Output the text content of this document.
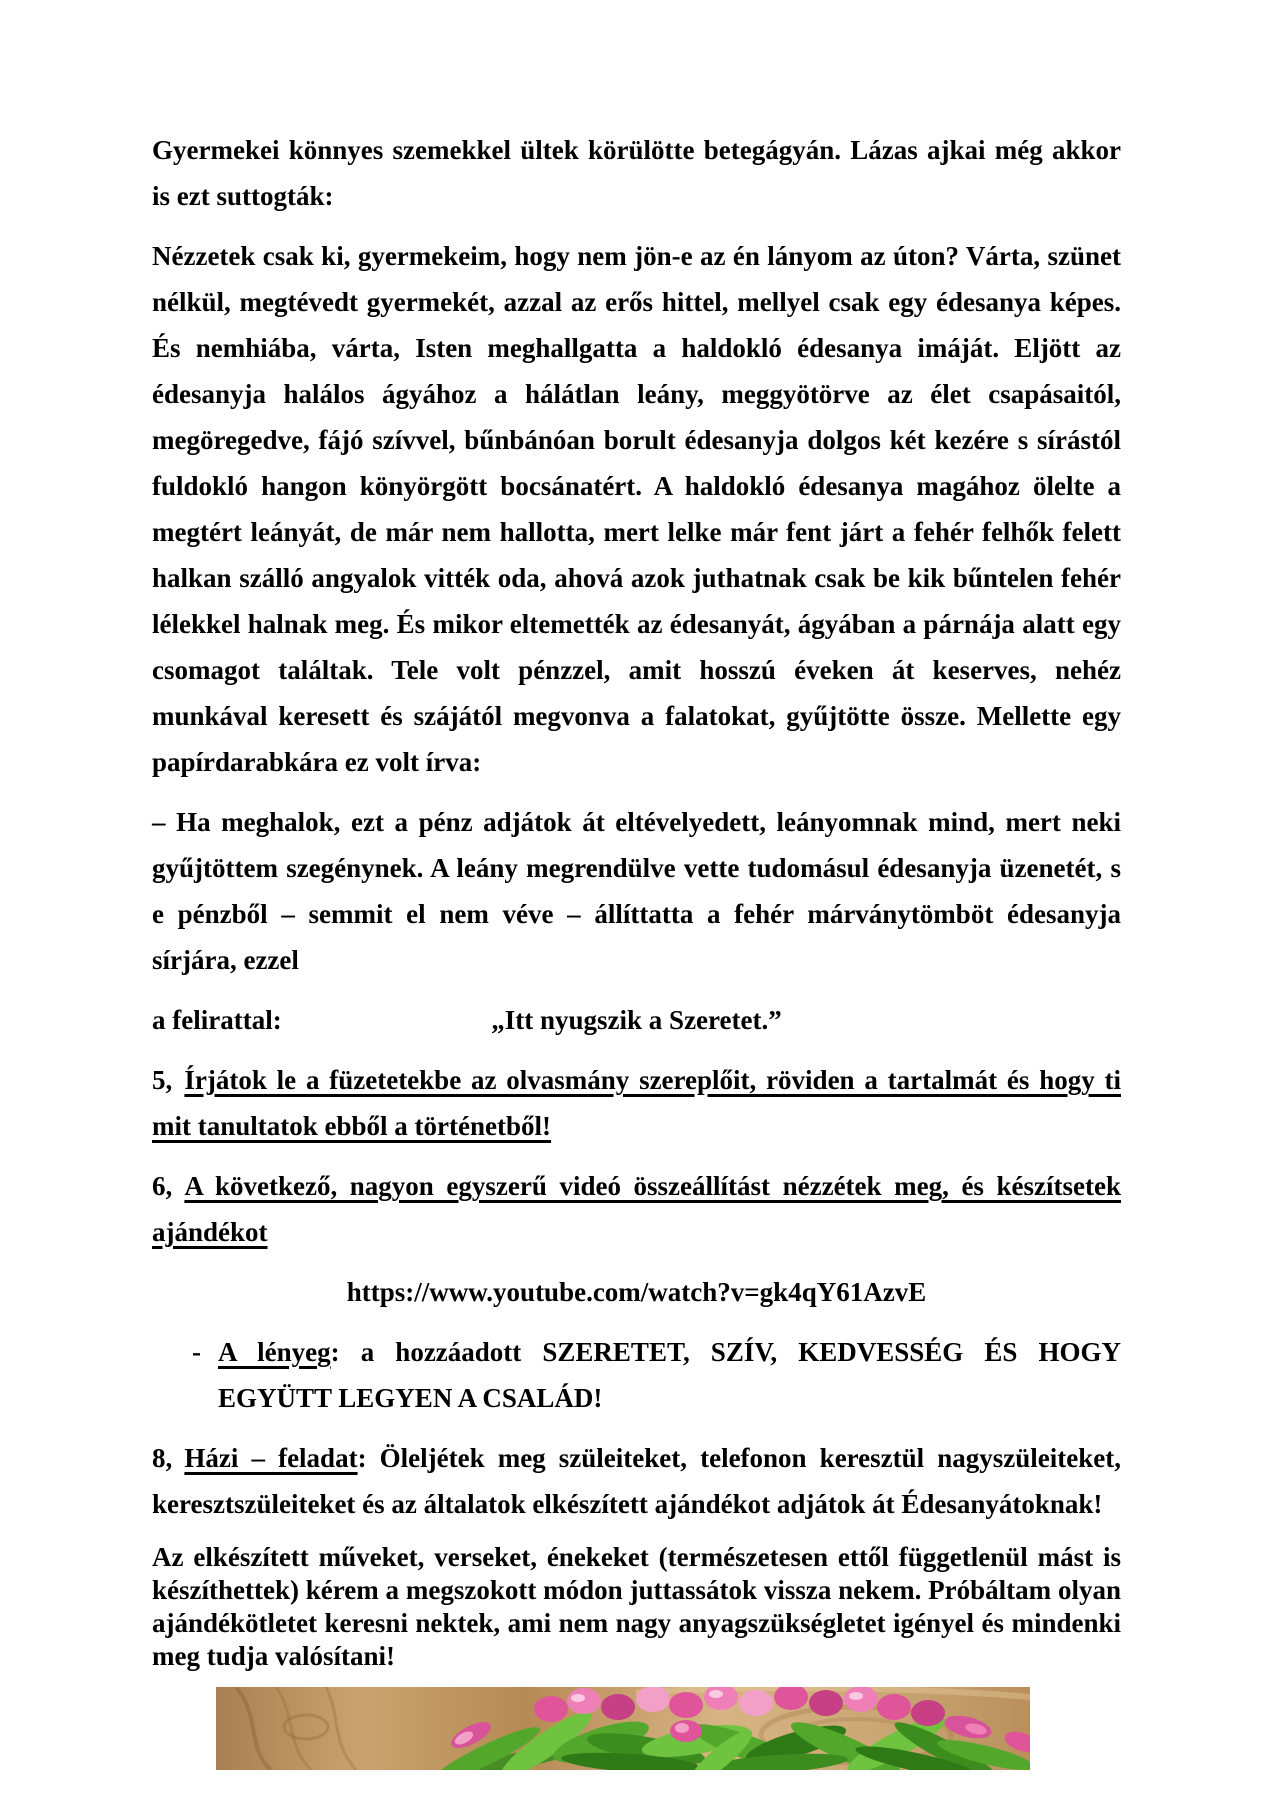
Gyermekei könnyes szemekkel ültek körülötte betegágyán. Lázas ajkai még akkor is ezt suttogták:

Nézzetek csak ki, gyermekeim, hogy nem jön-e az én lányom az úton? Várta, szünet nélkül, megtévedt gyermekét, azzal az erős hittel, mellyel csak egy édesanya képes. És nemhiába, várta, Isten meghallgatta a haldokló édesanya imáját. Eljött az édesanyja halálos ágyához a hálátlan leány, meggyötörve az élet csapásaitól, megöregedve, fájó szívvel, bűnbánóan borult édesanyja dolgos két kezére s sírástól fuldokló hangon könyörgött bocsánatért. A haldokló édesanya magához ölelte a megtért leányát, de már nem hallotta, mert lelke már fent járt a fehér felhők felett halkan szálló angyalok vitték oda, ahová azok juthatnak csak be kik bűntelen fehér lélekkel halnak meg. És mikor eltemették az édesanyát, ágyában a párnája alatt egy csomagot találtak. Tele volt pénzzel, amit hosszú éveken át keserves, nehéz munkával keresett és szájától megvonva a falatokat, gyűjtötte össze. Mellette egy papírdarabkára ez volt írva:

– Ha meghalok, ezt a pénz adjátok át eltévelyedett, leányomnak mind, mert neki gyűjtöttem szegénynek. A leány megrendülve vette tudomásul édesanyja üzenetét, s e pénzből – semmit el nem véve – állíttatta a fehér márványtömböt édesanyja sírjára, ezzel

a felirattal:	„Itt nyugszik a Szeretet.”

5, Írjátok le a füzetetekbe az olvasmány szereplőit, röviden a tartalmát és hogy ti mit tanultatok ebből a történetből!

6, A következő, nagyon egyszerű videó összeállítást nézzétek meg, és készítsetek ajándékot

https://www.youtube.com/watch?v=gk4qY61AzvE

- A lényeg: a hozzáadott SZERETET, SZÍV, KEDVESSÉG ÉS HOGY EGYÜTT LEGYEN A CSALÁD!

8, Házi – feladat: Öleljétek meg szüleiteket, telefonon keresztül nagyszüleiteket, keresztszüleiteket és az általatok elkészített ajándékot adjátok át Édesanyátoknak!

Az elkészített műveket, verseket, énekeket (természetesen ettől függetlenül mást is készíthettek) kérem a megszokott módon juttassátok vissza nekem. Próbáltam olyan ajándékötletet keresni nektek, ami nem nagy anyagszükségletet igényel és mindenki meg tudja valósítani!
